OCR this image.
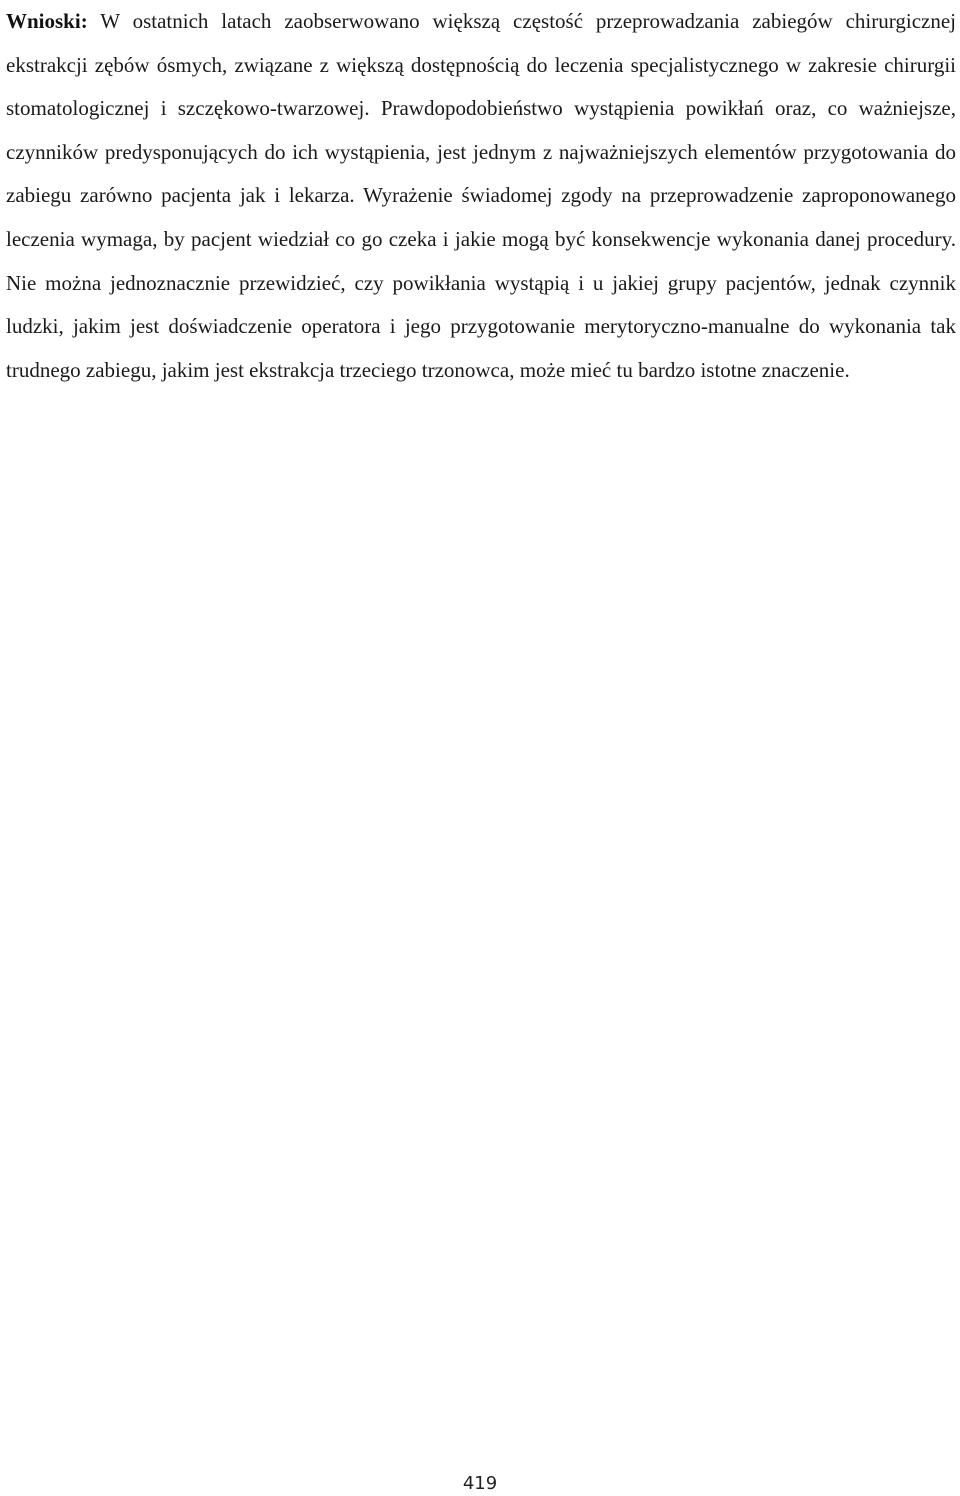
Wnioski: W ostatnich latach zaobserwowano większą częstość przeprowadzania zabiegów chirurgicznej ekstrakcji zębów ósmych, związane z większą dostępnością do leczenia specjalistycznego w zakresie chirurgii stomatologicznej i szczękowo-twarzowej. Prawdopodobieństwo wystąpienia powikłań oraz, co ważniejsze, czynników predysponujących do ich wystąpienia, jest jednym z najważniejszych elementów przygotowania do zabiegu zarówno pacjenta jak i lekarza. Wyrażenie świadomej zgody na przeprowadzenie zaproponowanego leczenia wymaga, by pacjent wiedział co go czeka i jakie mogą być konsekwencje wykonania danej procedury. Nie można jednoznacznie przewidzieć, czy powikłania wystąpią i u jakiej grupy pacjentów, jednak czynnik ludzki, jakim jest doświadczenie operatora i jego przygotowanie merytoryczno-manualne do wykonania tak trudnego zabiegu, jakim jest ekstrakcja trzeciego trzonowca, może mieć tu bardzo istotne znaczenie.

419
